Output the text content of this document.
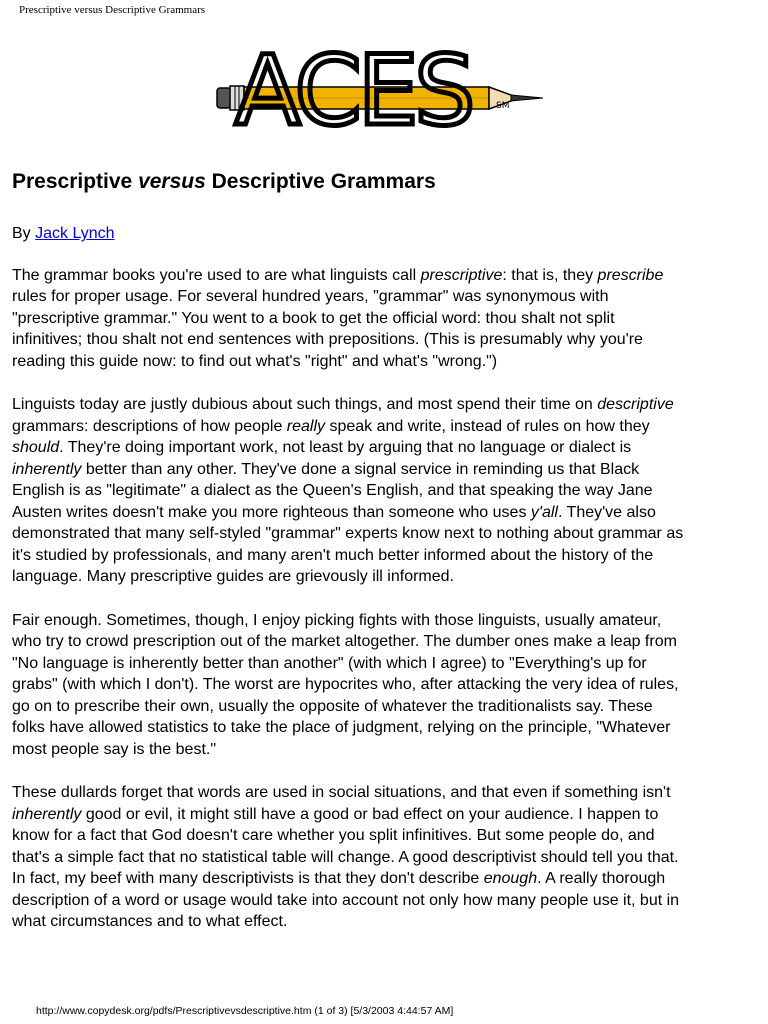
Prescriptive versus Descriptive Grammars
ACES	SM
Prescriptive versus Descriptive Grammars

By Jack Lynch

The grammar books you're used to are what linguists call prescriptive: that is, they prescribe
rules for proper usage. For several hundred years, "grammar" was synonymous with
"prescriptive grammar." You went to a book to get the official word: thou shalt not split
infinitives; thou shalt not end sentences with prepositions. (This is presumably why you're
reading this guide now: to find out what's "right" and what's "wrong.")

Linguists today are justly dubious about such things, and most spend their time on descriptive
grammars: descriptions of how people really speak and write, instead of rules on how they
should. They're doing important work, not least by arguing that no language or dialect is
inherently better than any other. They've done a signal service in reminding us that Black
English is as "legitimate" a dialect as the Queen's English, and that speaking the way Jane
Austen writes doesn't make you more righteous than someone who uses y'all. They've also
demonstrated that many self-styled "grammar" experts know next to nothing about grammar as
it's studied by professionals, and many aren't much better informed about the history of the
language. Many prescriptive guides are grievously ill informed.

Fair enough. Sometimes, though, I enjoy picking fights with those linguists, usually amateur,
who try to crowd prescription out of the market altogether. The dumber ones make a leap from
"No language is inherently better than another" (with which I agree) to "Everything's up for
grabs" (with which I don't). The worst are hypocrites who, after attacking the very idea of rules,
go on to prescribe their own, usually the opposite of whatever the traditionalists say. These
folks have allowed statistics to take the place of judgment, relying on the principle, "Whatever
most people say is the best."

These dullards forget that words are used in social situations, and that even if something isn't
inherently good or evil, it might still have a good or bad effect on your audience. I happen to
know for a fact that God doesn't care whether you split infinitives. But some people do, and
that's a simple fact that no statistical table will change. A good descriptivist should tell you that.
In fact, my beef with many descriptivists is that they don't describe enough. A really thorough
description of a word or usage would take into account not only how many people use it, but in
what circumstances and to what effect.

http://www.copydesk.org/pdfs/Prescriptivevsdescriptive.htm (1 of 3) [5/3/2003 4:44:57 AM]
